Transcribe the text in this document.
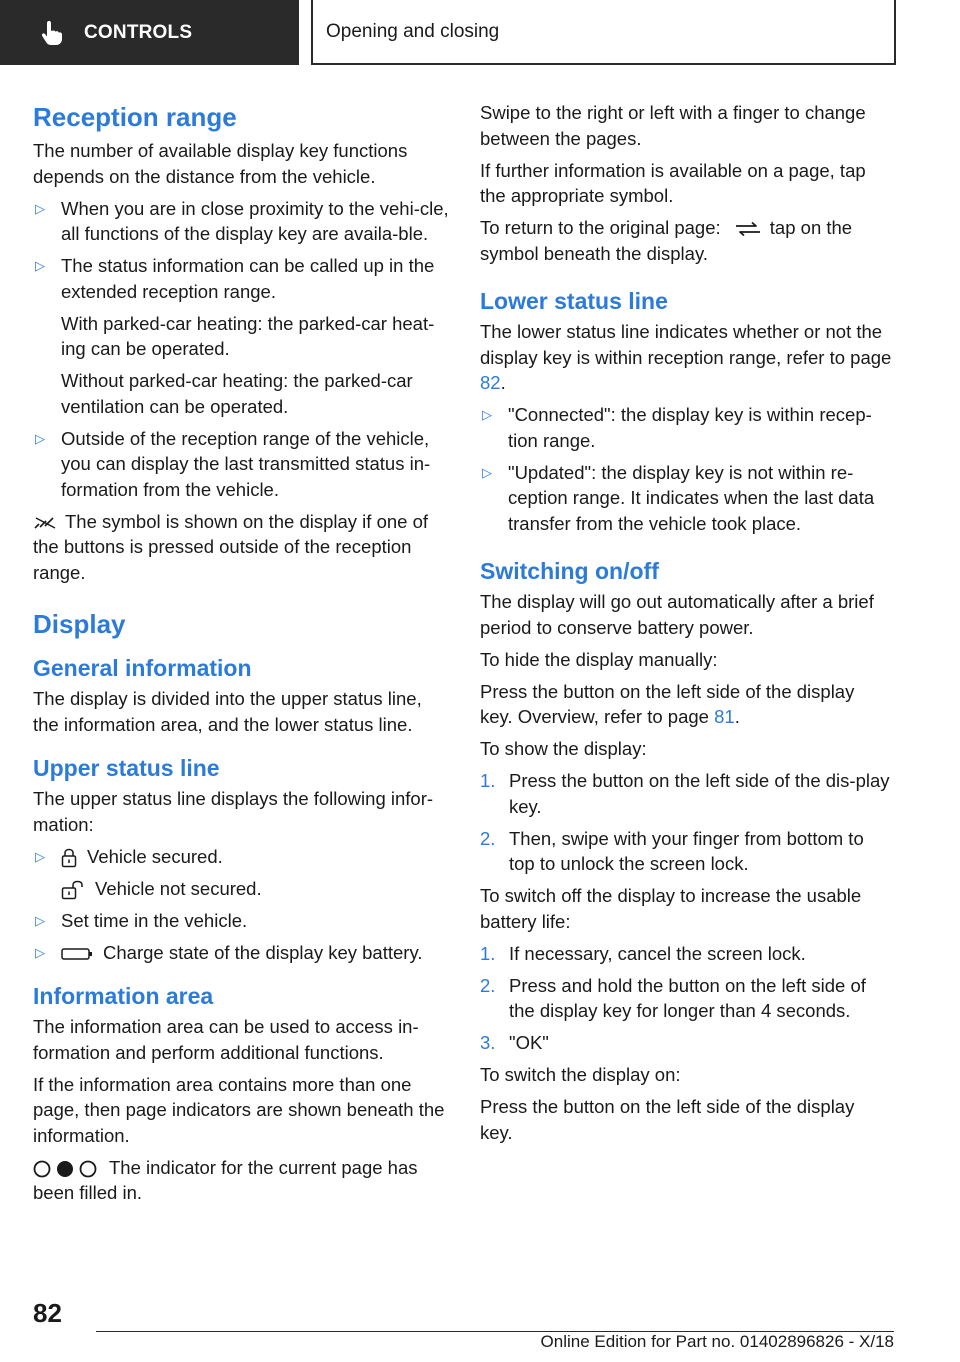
CONTROLS	Opening and closing
Reception range

The number of available display key functions depends on the distance from the vehicle.

▷ When you are in close proximity to the vehi‐cle, all functions of the display key are availa‐ble.
▷ The status information can be called up in the extended reception range.
With parked-car heating: the parked-car heat‐ing can be operated.
Without parked-car heating: the parked-car ventilation can be operated.
▷ Outside of the reception range of the vehicle, you can display the last transmitted status in‐formation from the vehicle.

The symbol is shown on the display if one of the buttons is pressed outside of the reception range.

Display
General information

The display is divided into the upper status line, the information area, and the lower status line.

Upper status line

The upper status line displays the following infor‐mation:

▷ Vehicle secured.
Vehicle not secured.
▷ Set time in the vehicle.
▷	Charge state of the display key battery.
Information area

The information area can be used to access in‐formation and perform additional functions.

If the information area contains more than one page, then page indicators are shown beneath the information.

The indicator for the current page has been filled in.

Swipe to the right or left with a finger to change between the pages.

If further information is available on a page, tap the appropriate symbol.

To return to the original page:	tap on the symbol beneath the display.

Lower status line

The lower status line indicates whether or not the display key is within reception range, refer to page 82.

▷ "Connected": the display key is within recep‐tion range.
▷ "Updated": the display key is not within re‐ception range. It indicates when the last data transfer from the vehicle took place.
Switching on/off

The display will go out automatically after a brief period to conserve battery power.

To hide the display manually:

Press the button on the left side of the display key. Overview, refer to page 81.

To show the display:

1. Press the button on the left side of the dis‐play key.
2. Then, swipe with your finger from bottom to top to unlock the screen lock.

To switch off the display to increase the usable battery life:

1. If necessary, cancel the screen lock.
2. Press and hold the button on the left side of the display key for longer than 4 seconds.
3. "OK"

To switch the display on:

Press the button on the left side of the display key.

82
Online Edition for Part no. 01402896826 - X/18
